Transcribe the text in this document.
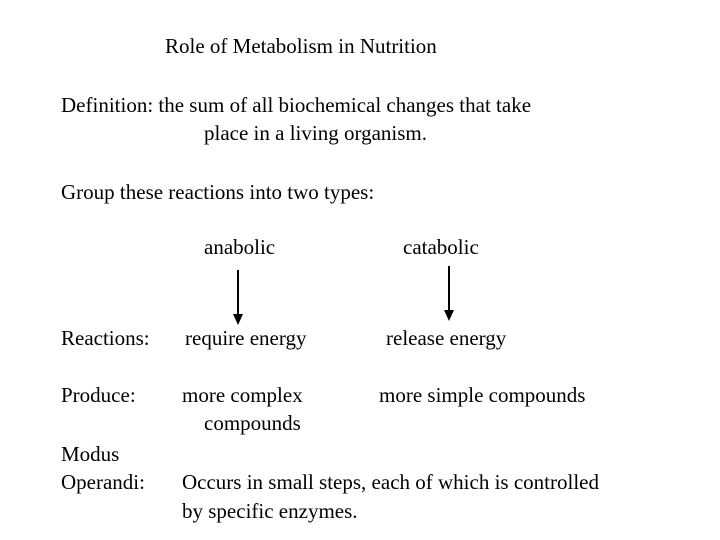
Role of Metabolism in Nutrition
Definition: the sum of all biochemical changes that take
place in a living organism.
Group these reactions into two types:
anabolic	catabolic
Reactions: require energy	release energy
Produce: more complex
compounds
more simple compounds
Modus
Operandi: Occurs in small steps, each of which is controlled
by specific enzymes.
